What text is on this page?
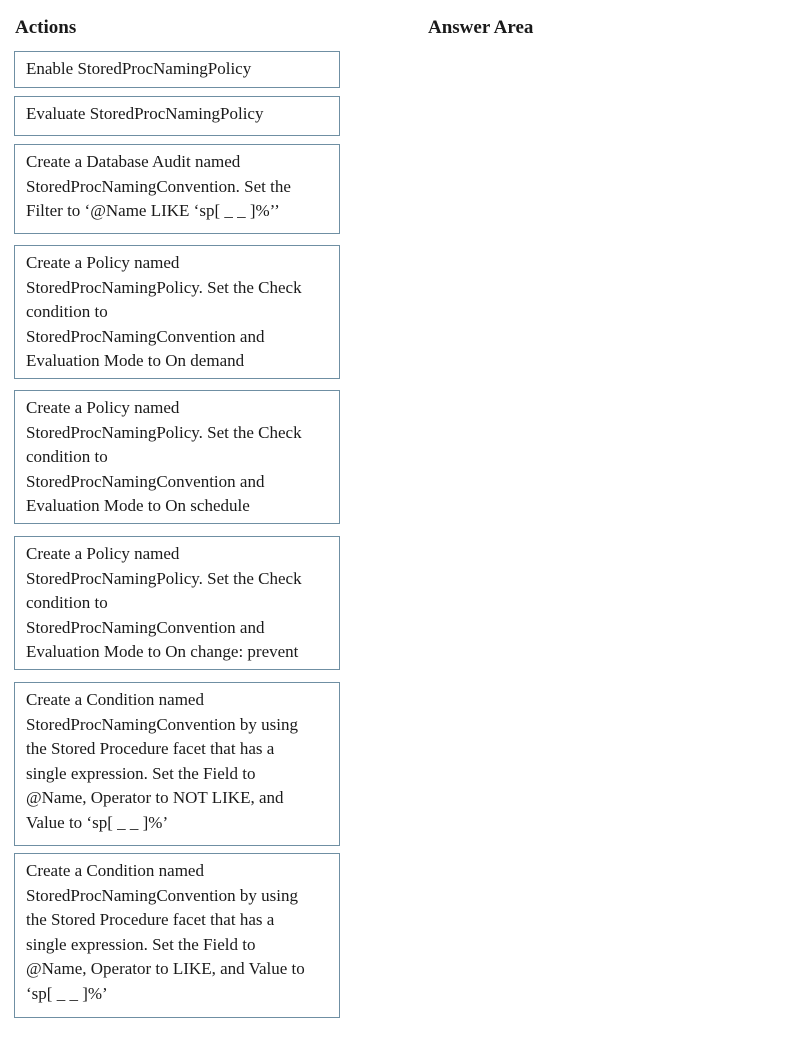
Actions	Answer Area
Enable StoredProcNamingPolicy
Evaluate StoredProcNamingPolicy
Create a Database Audit named
StoredProcNamingConvention. Set the
Filter to ‘@Name LIKE ‘sp[ _ _ ]%’’
Create a Policy named
StoredProcNamingPolicy. Set the Check
condition to
StoredProcNamingConvention and
Evaluation Mode to On demand
Create a Policy named
StoredProcNamingPolicy. Set the Check
condition to
StoredProcNamingConvention and
Evaluation Mode to On schedule
Create a Policy named
StoredProcNamingPolicy. Set the Check
condition to
StoredProcNamingConvention and
Evaluation Mode to On change: prevent
Create a Condition named
StoredProcNamingConvention by using
the Stored Procedure facet that has a
single expression. Set the Field to
@Name, Operator to NOT LIKE, and
Value to ‘sp[ _ _ ]%’
Create a Condition named
StoredProcNamingConvention by using
the Stored Procedure facet that has a
single expression. Set the Field to
@Name, Operator to LIKE, and Value to
‘sp[ _ _ ]%’
